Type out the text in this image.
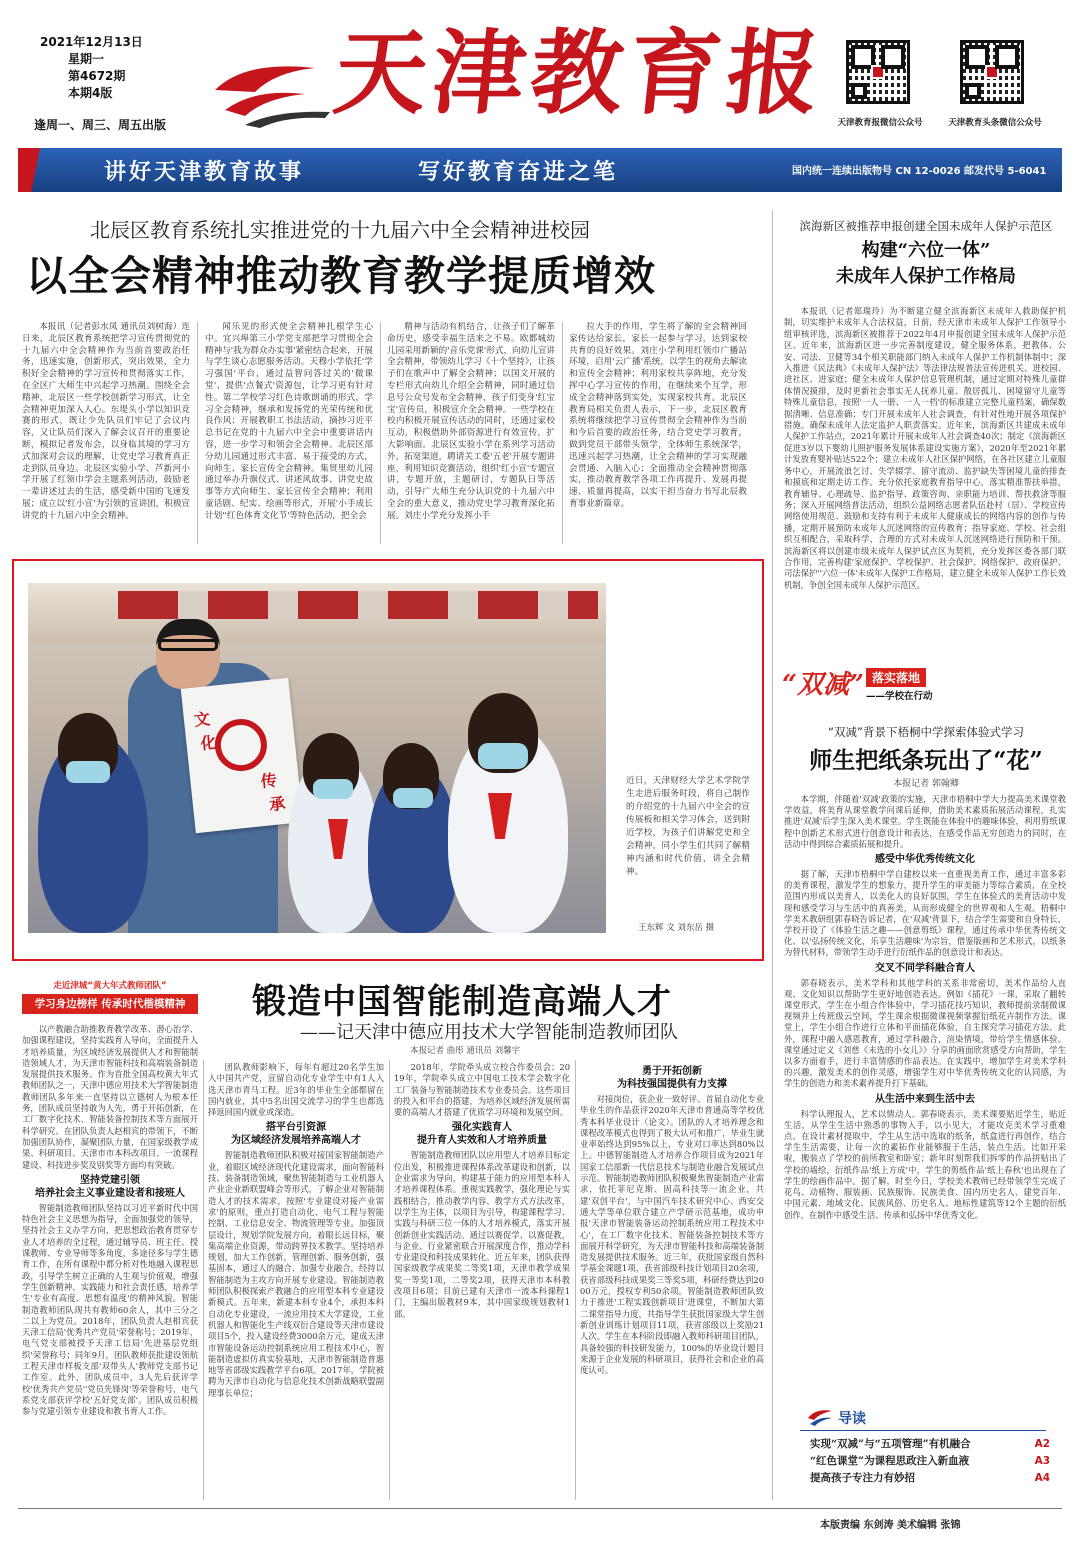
2021年12月13日
星期一
第4672期
本期4版
逢周一、周三、周五出版 天津教育报 天津教育报微信公众号	天津教育头条微信公众号
讲好天津教育故事	写好教育奋进之笔	国内统一连续出版物号 CN 12-0026 邮发代号 5-6041
北辰区教育系统扎实推进党的十九届六中全会精神进校园
以全会精神推动教育教学提质增效

本报讯（记者彭水凤 通讯员刘树海）连日来，北辰区教育系统把学习宣传贯彻党的十九届六中全会精神作为当前首要政治任务，迅速实施，创新形式，突出效果，全力积好全会精神的学习宣传和贯彻落实工作，在全区广大师生中兴起学习热潮。围绕全会精神，北辰区一些学校创新学习形式，让全会精神更加深入人心。东堤头小学以知识竞赛的形式，既让少先队员们牢记了会议内容，又让队员们深入了解会议召开的重要论断，模拟记者发布会，以身临其境的学习方式加深对会议的理解，让党史学习教育真正走到队员身边。北辰区实验小学、芦新河小学开展了红领巾学会主题系列活动，鼓励老一辈讲述过去的生活，感受新中国的飞速发展；成立以'红小宣'为引领的宣讲团，积极宣讲党的十九届六中全会精神。

闻乐见的形式使全会精神扎根学生心中。宜兴埠第三小学党支部把学习贯彻全会精神与'我为群众办实事'紧密结合起来，开展与学生谈心志愿服务活动。天穆小学依托'学习强国'平台，通过益智问答过关的'微课堂'、提供'点餐式'资源包，让学习更有针对性。第二学校学习红色诗歌朗诵的形式，学习全会精神，继承和发扬党的光荣传统和优良作风；开展教职工书法活动，摘抄习近平总书记在党的十九届六中全会中重要讲话内容，进一步学习和领会全会精神。北辰区部分幼儿园通过形式丰富、易于接受的方式，向师生、家长宣传全会精神。集贤里幼儿园通过举办升旗仪式、讲述风故事、讲党史故事等方式向师生、家长宣传全会精神；利用童话剧、纪实、绘画等形式，开展'小手成长计划''红色体育文化节'等特色活动，把全会

精神与活动有机结合，让孩子们了解革命历史，感受幸福生活来之不易。欧都城幼儿园采用新颖的'音乐党课'形式，向幼儿宣讲全会精神，带领幼儿学习《十个坚持》，让孩子们在歌声中了解全会精神；以国文开展的专栏形式向幼儿介绍全会精神，同时通过信息号公众号发布全会精神，孩子们变身'红宝宝'宣传员，积极宣介全会精神。一些学校在校内积极开展宣传活动的同时，还通过家校互动，积极借助外部资源进行有效宣传，扩大影响面。北辰区实验小学在系列学习活动外，拓宽渠道，聘请关工委'五老'开展专题讲座，利用知识竞赛活动，组织'红小宣'专题宣讲，专题开放，主题研讨，专题队日等活动，引导广大师生充分认识党的十九届六中全会的重大意义，推动党史学习教育深化拓展。刘庄小学充分发挥小手

拉大手的作用，学生将了解的全会精神回家传达给家长，家长一起参与学习，达到家校共育的良好效果。刘庄小学利用红领巾广播站环境，启用'云广播'系统，以学生的视角去解读和宣传全会精神；利用家校共享阵地，充分发挥中心学习宣传的作用，在继续来个互学，形成全会精神落到实处，实现家校共育。北辰区教育局相关负责人表示，下一步，北辰区教育系统将继续把学习宣传贯彻全会精神作为当前和今后首要的政治任务，结合党史学习教育，做到党员干部带头领学，全体师生系统深学，迅速兴起学习热潮，让全会精神的学习实现融会贯通、入脑入心；全面推动全会精神贯彻落实，推动教育教学各项工作再提升、发展再提速、质量再提高，以实干担当奋力书写北辰教育事业新篇章。

文
化
传
承
近日，天津财经大学艺术学院学生走进后服务时段，将自己制作的介绍党的十九届六中全会的宣传展板和相关学习体会，送到附近学校，为孩子们讲解党史和全会精神，同小学生们共同了解精神内涵和时代价值，讲全会精神。
王东辉 文 刘东岳 摄
滨海新区被推荐申报创建全国未成年人保护示范区
构建“六位一体”
未成年人保护工作格局

本报讯（记者郑瑞玲）为不断建立健全滨海新区未成年人救助保护机制，切实维护未成年人合法权益，日前，经天津市未成年人保护工作领导小组审核评选，滨海新区被推荐于2022年4月申报创建全国未成年人保护示范区。近年来，滨海新区进一步完善制度建设，健全服务体系，把教体、公安、司法、卫健等34个相关职能部门纳入未成年人保护工作机制体制中；深入推进《民法典》《未成年人保护法》等法律法规普法宣传进机关、进校园、进社区、进家庭；健全未成年人保护信息管理机制，通过定期对特殊儿童群体情况摸排，及时更新社会事实无人抚养儿童、散居孤儿、困境留守儿童等特殊儿童信息，按照'一人一册、一人一档'的标准建立完整儿童档案，确保数据清晰、信息准确；专门开展未成年人社会调查，有针对性地开展各项保护措施。确保未成年人法定监护人职责落实。近年来，滨海新区共建成未成年人保护工作站点，2021年累计开展未成年人社会调查40次；制定《滨海新区促进3岁以下婴幼儿照护服务发展体系建设实施方案》，2020年至2021年累计发放育婴补贴达522个；建立未成年人社区保护网络，在各社区建立儿童服务中心，开展流浪乞讨、失学辍学、留守流动、监护缺失等困境儿童的排查和摸底和定期走访工作。充分依托家庭教育指导中心，落实精准帮扶举措，教育辅导、心理疏导、监护指导、政策咨询、亲职能力培训、帮扶救济等服务；深入开展网络普法活动，组织公益网络志愿者队伍赴村（居）、学校宣传网络使用规范、鼓励和支持有利于未成年人健康成长的网络内容的创作与传播，定期开展预防未成年人沉迷网络的宣传教育；指导家庭、学校、社会组织互相配合，采取科学、合理的方式对未成年人沉迷网络进行预防和干预。滨海新区将以创建市级未成年人保护试点区为契机，充分发挥区委各部门联合作用，完善构建'家庭保护、学校保护、社会保护、网络保护、政府保护、司法保护''六位一体'未成年人保护工作格局，建立健全未成年人保护工作长效机制，争创全国未成年人保护示范区。

“双减” 落实落地
——学校在行动
“双减”背景下梧桐中学探索体验式学习
师生把纸条玩出了“花”
本报记者 郭翰卿

本学期，伴随着'双减'政策的实施，天津市梧桐中学大力提高美术课堂教学效益，将美育从课堂教学问课后延伸，借助美术素质拓展活动课程，扎实推进'双减'后学生深入美术课堂。学生既能在体验中的趣味体验，利用剪纸课程中创新艺术形式进行创意设计和表达，在感受作品无穷创造力的同时，在活动中得到综合素质拓展和提升。

感受中华优秀传统文化

据了解，天津市梧桐中学自建校以来一直重视美育工作，通过丰富多彩的美育课程，激发学生的想象力，提升学生的审美能力等综合素质，在全校范围内形成以美育人，以美化人的良好氛围，学生在体验式的美育活动中发现和感受学习与生活中的真善美，从而形成健全的世界观和人生观。梧桐中学美术教研组郭春晓告诉记者，在'双减'背景下，结合学生需要和自身特长，学校开设了《体验生活之趣——创意剪纸》课程，通过传承中华优秀传统文化、以'弘扬传统文化，乐享生活趣味'为宗旨，借鉴版画和艺术形式，以纸条为替代材料，带领学生动手进行衍纸作品的创意设计和表达。

交叉不同学科融合育人

郭春晓表示，美术学科和其他学科的关系非常密切，美术作品给人直观、文化知识以帮助学生更好地创造表达。例如《插花》一课，采取了翻转课堂形式，学生在小组合作体验中，学习插花技巧知识，教师提前录制微课视频并上传班级云空间，学生课余根据微课视频掌握衍纸花卉制作方法。课堂上，学生小组合作进行立体和平面插花体验，自主探究学习插花方法。此外，课程中融入感恩教育，通过学科融合，渲染情境，带给学生情感体验。课堂通过定义《刘慈《未选的小女儿》》分享的画面欣赏感受方向帮助，学生以多方面着手，进行丰富情感的作品表达。在实践中，增加学生对美术学科的兴趣，激发美术的创作灵感，增强学生对中华优秀传统文化的认同感，为学生的创造力和美术素养提升打下基础。

从生活中来到生活中去

科学认理报人，艺术以情动人。郭春晓表示，美术课要贴近学生，贴近生活，从学生生活中熟悉的事物入手，以小见大，才能攻克美术学习重难点。在设计素材提取中，学生从生活中选取的纸条，纸盒进行再创作，结合学生生活需要，让每一次的素拓作业能够服于生活，装点生活。比如开采啦，搬装点了学校的前所教室和卧室；新年时刻帮我们拆零的作品拼贴出了学校的墙绘，衍纸作品'纸上方成'中，学生的剪纸作品'纸上春秋'也出现在了学生的绘画作品中。据了解，时至今日，学校美术教师已经带领学生完成了花鸟、动植物、服装画、民族服饰、民族美食、国内历史名人、建党百年、中国元素、地域文化、民族风俗、历史名人、地标性建筑等12个主题的衍纸创作，在制作中感受生活、传承和弘扬中华优秀文化。

导读
实现“双减”与“五项管理”有机融合	A2
“红色课堂”为课程思政注入新血液	A3
提高孩子专注力有妙招	A4
走近津城“黄大年式教师团队”
学习身边榜样 传承时代楷模精神	锻造中国智能制造高端人才
——记天津中德应用技术大学智能制造教师团队
本报记者 曲彤 通讯员 刘馨宇

以产教融合助推教育教学改革、潜心治学、加强课程建设，坚持实践育人导向，全面提升人才培养质量，为区域经济发展提供人才和智能制造领域人才，为天津市智能科技和高端装备制造发展提供技术服务。作为首批全国高校黄大年式教师团队之一，天津中德应用技术大学智能制造教师团队多年来一直坚持以立德树人为根本任务，团队成员坚持敢为人先，勇于开拓创新，在工厂数字化技术、智能装备控制技术等方面展开科学研究。在团队负责人赵相宾的带领下，不断加强团队协作，凝聚团队力量，在国家级教学成果、科研项目、天津市市本科改项目、一流课程建设、科技进步奖及别奖等方面均有突破。

坚持党建引领
培养社会主义事业建设者和接班人

智能制造教师团队坚持以习近平新时代中国特色社会主义思想为指导，全面加强党的领导，坚持社会主义办学方向，把思想政治教育贯穿专业人才培养的全过程，通过辅导员、班主任、授课教师、专业导师等多角度，多途径多与学生德育工作，在所有课程中都分析对性地融入课程思政，引导学生树立正确的人生观与价值观，增强学生创新精神、实践能力和社会责任感，培养学生'专业有高度、思想有温度'的精神风貌。智能制造教师团队现共有教师60余人，其中三分之二以上为党员。2018年，团队负责人赵相宾获天津工信局'优秀共产党员'荣誉称号；2019年，电气党支部被授予天津工信局'先进基层党组织'荣誉称号；同年9月，团队教师获批建设领航工程天津市样板支部'双带头人'教师党支部书记工作室。此外，团队成员中，3人先后获评学校'优秀共产党员''党员先锋岗'等荣誉称号，电气系党支部获评学校'五好党支部'。团队成员积极参与党建引领专业建设和教书育人工作。

团队教师影响下，每年有超过20名学生加入中国共产党，宣留自动化专业学生中有1人入选天津市青马工程。近3年的毕业生全部都留在国内就业，其中5名出国交流学习的学生也都选择返回国内就业或深造。

搭平台引资源
为区域经济发展培养高端人才

智能制造教师团队积极对接国家智能制造产业，着眼区域经济现代化建设需求，面向智能科技、装备制造领域，聚焦智能制造与工业机器人产业企业新联盟峰会等形式，了解企业对智能制造人才的技术需求，按照'专业建设对接产业需求'的原则，重点打造自动化、电气工程与智能控制、工业信息安全、物流管理等专业。加强顶层设计，规划学院发展方向，着眼长远目标，聚集高端企业资源，带动跨界技术教学。坚持培养规划，加大工作创新，管理创新、服务创新，强基固本，通过人的融合、加强专业融合，经持以智能制造为主攻方向开展专业建设。智能制造教师团队积极探索产教融合的应用型本科专业建设新模式。五年来，新建本科专业4个，承担本科自动化专业建设，一流应用技术大学建设，工业机器人和智能化生产线双衍合建设等天津市建设项目5个，投入建设经费3000余万元，建成天津市智能设备运动控制系统应用工程技术中心，智能制造虚拟仿真实验基地，天津市智能制造普惠地等省部级实践教学平台6项。2017年，学院被聘为天津市自动化与信息化技术创新战略联盟副理事长单位；

2018年，学院牵头成立校合作委员会；2019年，学院牵头成立中国电工技术学会数字化工厂装备与智能制造技术专业委员会。这些项目的投入和平台的搭建，为培养区域经济发展所需要的高端人才搭建了优质学习环境和发展空间。

强化实践育人
提升育人实效和人才培养质量

智能制造教师团队以应用型人才培养目标定位出发，积极推进课程体系改革建设和创新，以企业需求为导向，构建基于能力的应用型本科人才培养课程体系。重视实践教学，强化理论与实践相结合，推动教学内容、教学方式方法改革，以学生为主体，以项目为引导，构建课程学习、实践与科研三位一体的人才培养模式，落实开展创新创业实践活动。通过以赛促学、以赛促教，与企业、行业紧密联合开展深度合作，推动学科专业建设和科技成果转化。近五年来，团队获得国家级教学成果奖二等奖1项，天津市教学成果奖一等奖1项，二等奖2项，获得天津市本科教改项目6项；目前已建有天津市一流本科课程1门，主编出版教材9本，其中国家级规划教材1部。

勇于开拓创新
为科技强国提供有力支撑

对接岗位，获企业一致好评。首届自动化专业毕业生的作品获评2020年天津市普通高等学校优秀本科毕业设计（论文）。团队的人才培养理念和课程改革模式也得到了极大认可和推广，毕业生就业率始终达到95%以上，专业对口率达到80%以上。中德智能制造人才培养合作项目成为2021年国家工信部新一代信息技术与制造业融合发展试点示范。智能制造教师团队积极聚焦智能制造产业需求，依托菲尼克斯、固高科技等一流企业，共建'双创平台'，与中国汽车技术研究中心、西安交通大学等单位联合建立产学研示范基地，成功申报'天津市智能装备运动控制系统应用工程技术中心'，在工厂数字化技术、智能装备控制技术等方面展开科学研究，为天津市智能科技和高端装备制造发展提供技术服务。近三年，获批国家级自然科学基金课题1项，获省部级科技计划项目20余项，获省部级科技成果奖三等奖5项，科研经费达到2000万元，授权专利50余项。智能制造教师团队致力于推进'工程实践创新项目'进课堂，不断加大第二课堂指导力度，共指导学生获批国家级大学生创新创业训练计划项目11项，获省部级以上奖励21人次。学生在本科阶段即融入教师科研项目团队，具备较强的科技研发能力，100%的毕业设计题目来源于企业发展的科研项目，获得社会和企业的高度认可。

本版责编 东剑涛 美术编辑 张锦
